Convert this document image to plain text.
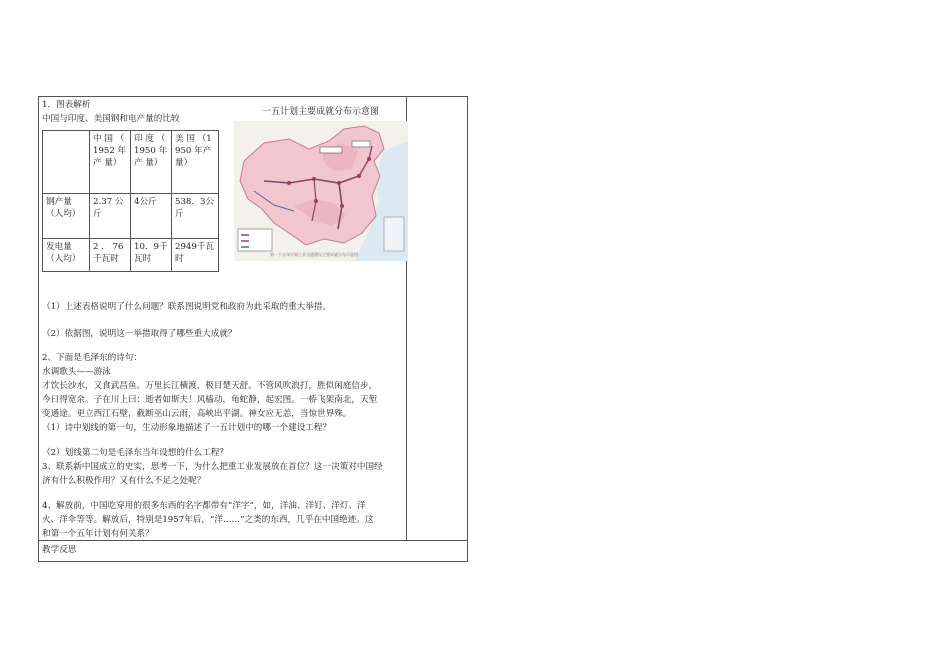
1．图表解析
中国与印度、美国钢和电产量的比较
	中 国 （ 1952 年 产 量）	印 度 （ 1950 年 产 量）	美 国 （1950 年产量）
钢产量（人均）	2.37 公斤	4公斤	538．3公斤
发电量（人均）	2 ． 76 千瓦时	10．9千瓦时	2949千瓦时
一五计划主要成就分布示意图
第一个五年计划工业交通建设主要成就分布示意图
（1）上述表格说明了什么问题？联系图说明党和政府为此采取的重大举措。
（2）依据图，说明这一举措取得了哪些重大成就？
2、下面是毛泽东的诗句：
水调歌头——游泳
才饮长沙水，又食武昌鱼。万里长江横渡，极目楚天舒。不管风吹浪打，胜似闲庭信步，
今日得宽余。子在川上曰：逝者如斯夫！风樯动，龟蛇静，起宏图。一桥飞架南北，天堑
变通途。更立西江石壁，截断巫山云雨，高峡出平湖。神女应无恙，当惊世界殊。
（1）诗中划线的第一句，生动形象地描述了一五计划中的哪一个建设工程？
（2）划线第二句是毛泽东当年设想的什么工程？
3、联系新中国成立的史实，思考一下，为什么把重工业发展放在首位？这一决策对中国经
济有什么积极作用？又有什么不足之处呢？
4、解放前，中国吃穿用的很多东西的名字都带有“洋字”，如，洋油、洋钉、洋灯、洋
火、洋伞等等。解放后，特别是1957年后，“洋……”之类的东西，几乎在中国绝迹。这
和第一个五年计划有何关系？
教学反思
